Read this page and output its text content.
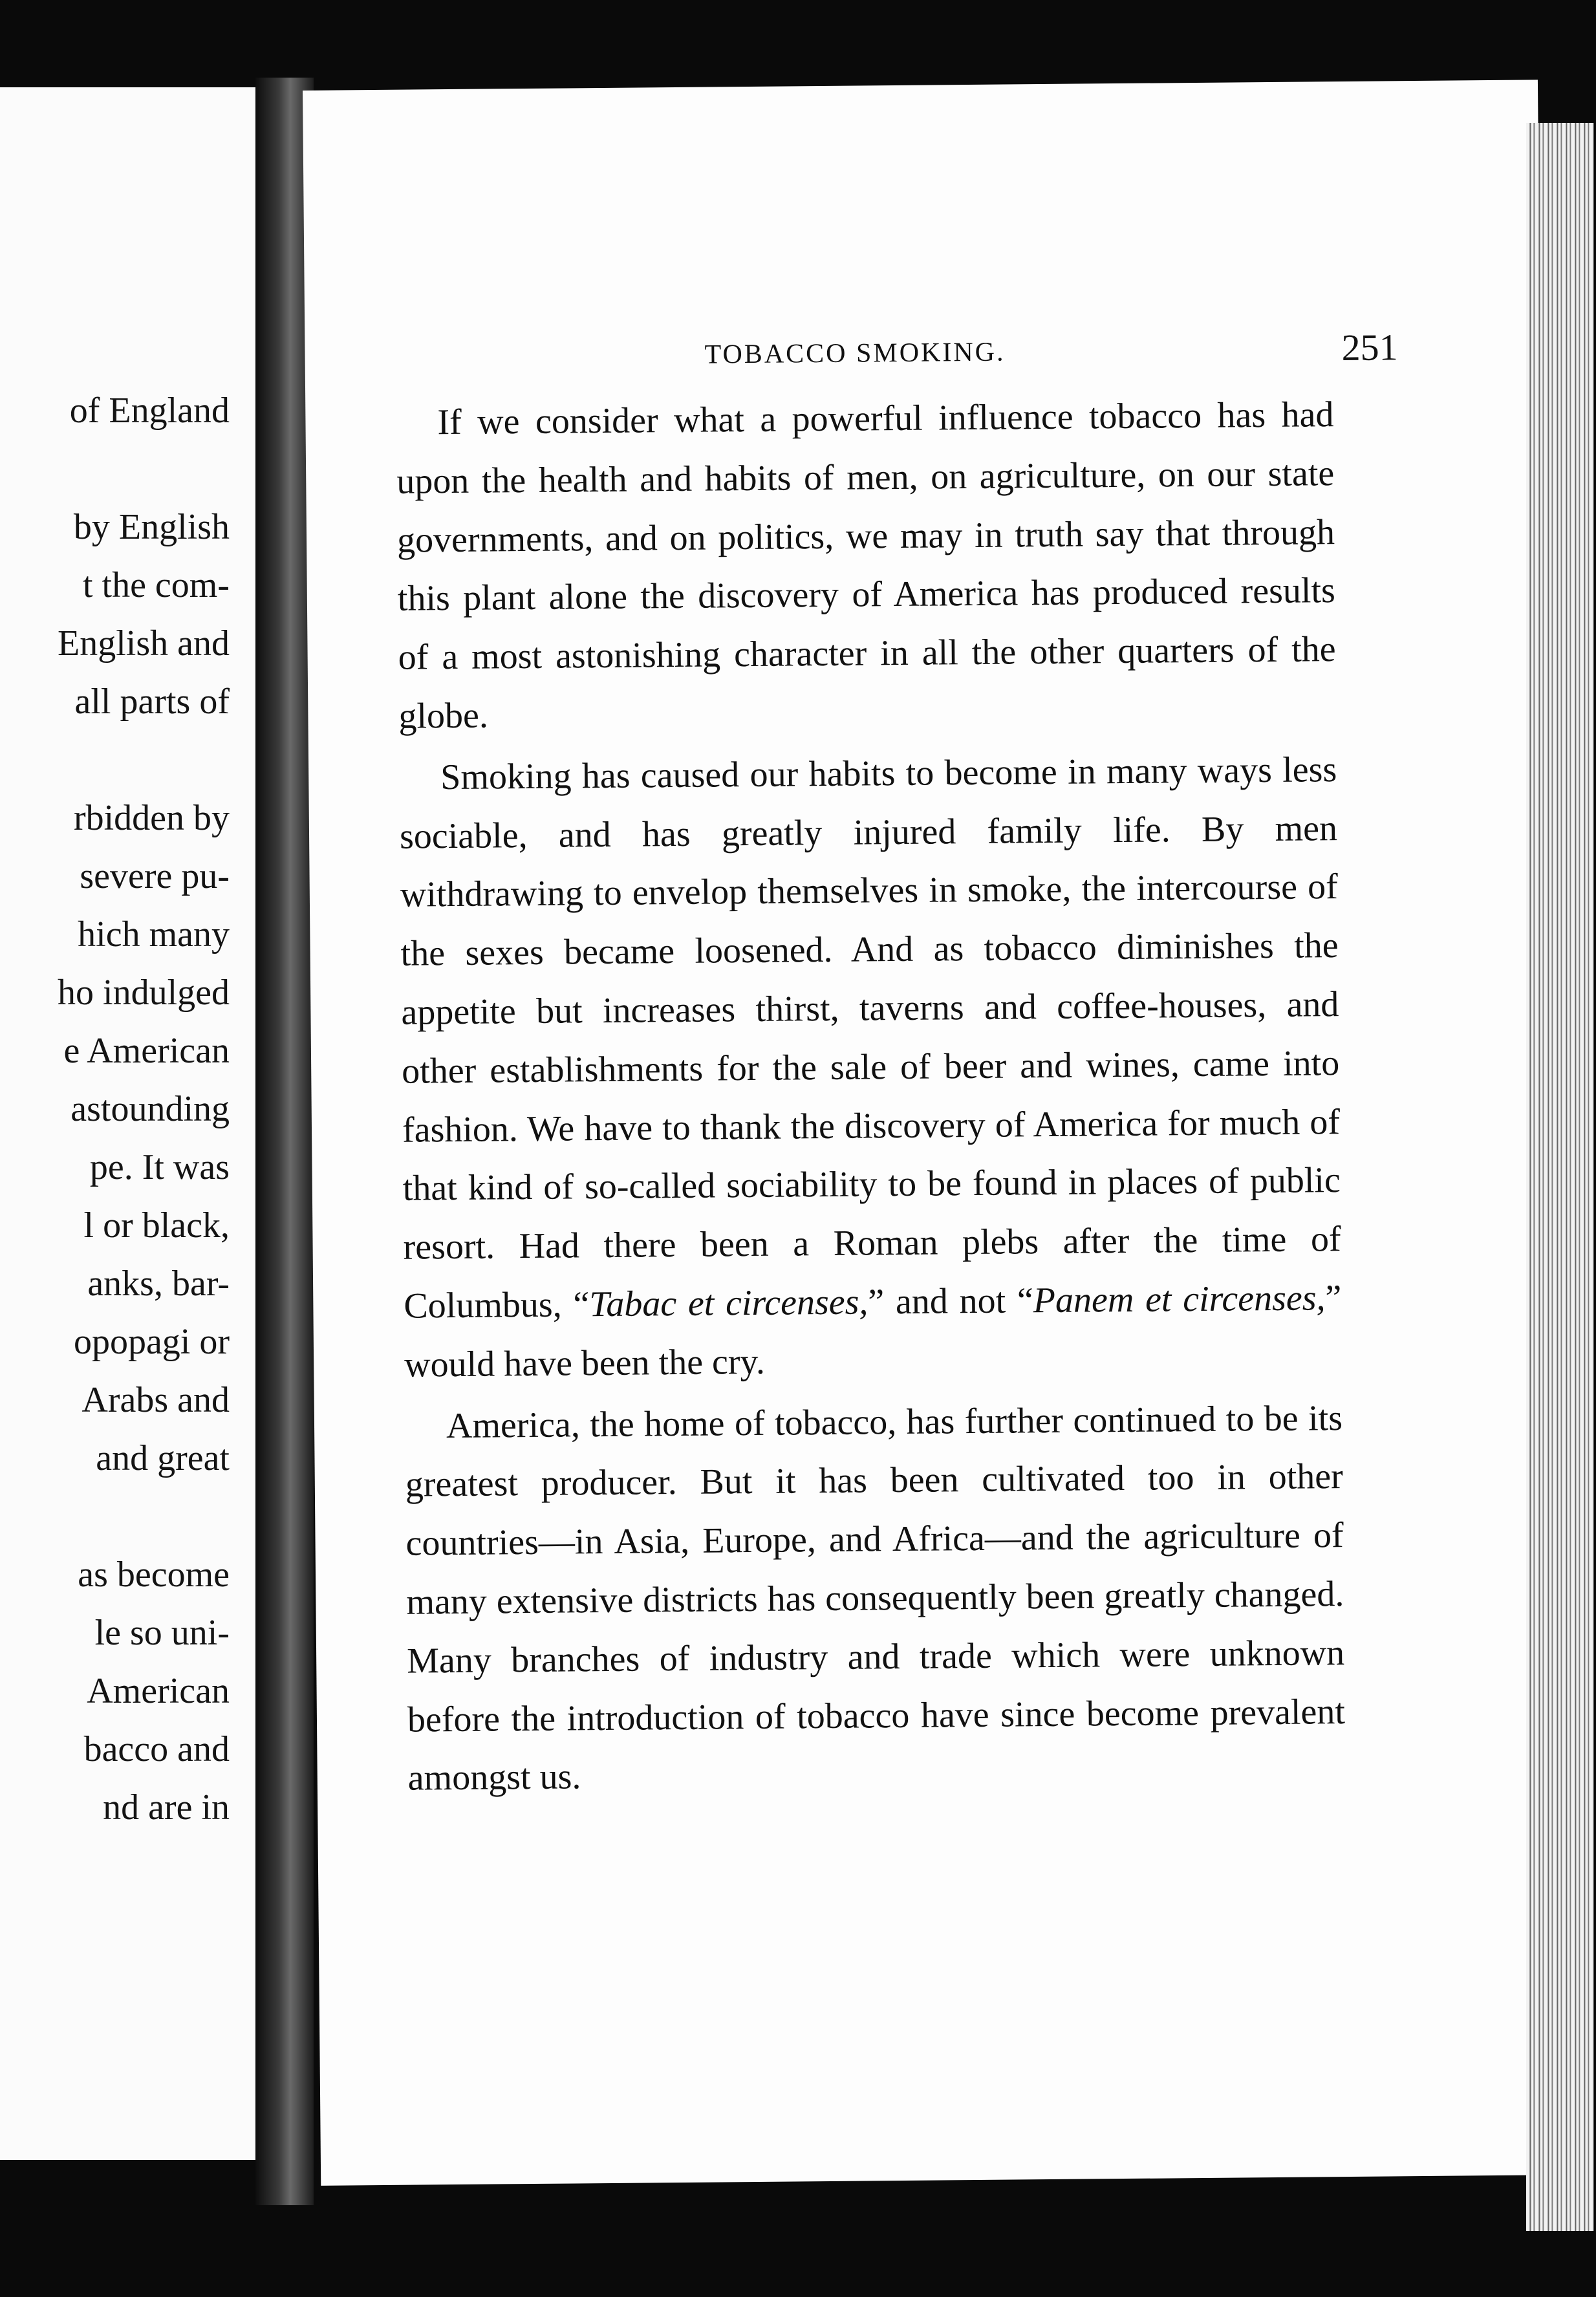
of England
by English
t the com-
English and
all parts of
rbidden by
severe pu-
hich many
ho indulged
e American
astounding
pe. It was
l or black,
anks, bar-
opopagi or
Arabs and
and great
as become
le so uni-
American
bacco and
nd are in
TOBACCO SMOKING.	251

If we consider what a powerful influence tobacco has had upon the health and habits of men, on agriculture, on our state governments, and on politics, we may in truth say that through this plant alone the discovery of America has produced results of a most astonishing character in all the other quarters of the globe.

Smoking has caused our habits to become in many ways less sociable, and has greatly injured family life. By men withdrawing to envelop themselves in smoke, the intercourse of the sexes became loosened. And as tobacco diminishes the appetite but increases thirst, taverns and coffee-houses, and other establishments for the sale of beer and wines, came into fashion. We have to thank the discovery of America for much of that kind of so-called sociability to be found in places of public resort. Had there been a Roman plebs after the time of Columbus, “Tabac et circenses,” and not “Panem et circenses,” would have been the cry.

America, the home of tobacco, has further continued to be its greatest producer. But it has been cultivated too in other countries—in Asia, Europe, and Africa—and the agriculture of many extensive districts has consequently been greatly changed. Many branches of industry and trade which were unknown before the introduction of tobacco have since become prevalent amongst us.
